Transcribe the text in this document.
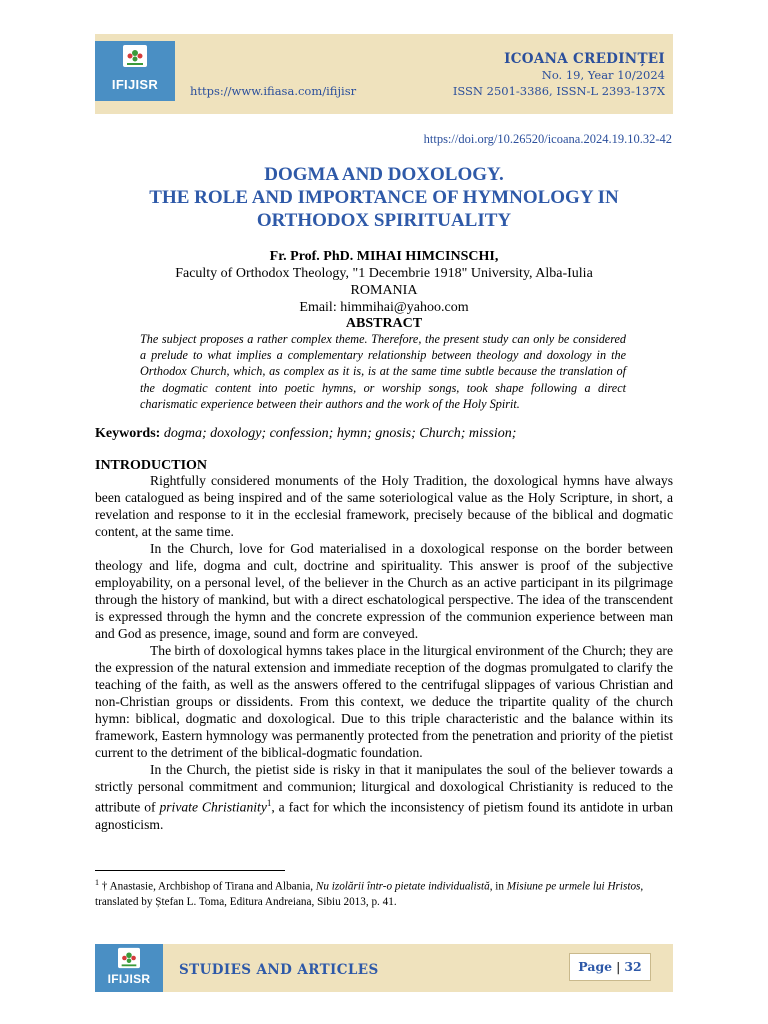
IFIJISR	https://www.ifiasa.com/ifijisr
ICOANA CREDINȚEI
No. 19, Year 10/2024
ISSN 2501-3386, ISSN-L 2393-137X
https://doi.org/10.26520/icoana.2024.19.10.32-42
DOGMA AND DOXOLOGY.
THE ROLE AND IMPORTANCE OF HYMNOLOGY IN
ORTHODOX SPIRITUALITY
Fr. Prof. PhD. MIHAI HIMCINSCHI,
Faculty of Orthodox Theology, "1 Decembrie 1918" University, Alba-Iulia
ROMANIA
Email: himmihai@yahoo.com
ABSTRACT
The subject proposes a rather complex theme. Therefore, the present study can only be considered a prelude to what implies a complementary relationship between theology and doxology in the Orthodox Church, which, as complex as it is, is at the same time subtle because the translation of the dogmatic content into poetic hymns, or worship songs, took shape following a direct charismatic experience between their authors and the work of the Holy Spirit.
Keywords: dogma; doxology; confession; hymn; gnosis; Church; mission;
INTRODUCTION

Rightfully considered monuments of the Holy Tradition, the doxological hymns have always been catalogued as being inspired and of the same soteriological value as the Holy Scripture, in short, a revelation and response to it in the ecclesial framework, precisely because of the biblical and dogmatic content, at the same time.

In the Church, love for God materialised in a doxological response on the border between theology and life, dogma and cult, doctrine and spirituality. This answer is proof of the subjective employability, on a personal level, of the believer in the Church as an active participant in its pilgrimage through the history of mankind, but with a direct eschatological perspective. The idea of the transcendent is expressed through the hymn and the concrete expression of the communion experience between man and God as presence, image, sound and form are conveyed.

The birth of doxological hymns takes place in the liturgical environment of the Church; they are the expression of the natural extension and immediate reception of the dogmas promulgated to clarify the teaching of the faith, as well as the answers offered to the centrifugal slippages of various Christian and non-Christian groups or dissidents. From this context, we deduce the tripartite quality of the church hymn: biblical, dogmatic and doxological. Due to this triple characteristic and the balance within its framework, Eastern hymnology was permanently protected from the penetration and priority of the pietist current to the detriment of the biblical-dogmatic foundation.

In the Church, the pietist side is risky in that it manipulates the soul of the believer towards a strictly personal commitment and communion; liturgical and doxological Christianity is reduced to the attribute of private Christianity$^1$, a fact for which the inconsistency of pietism found its antidote in urban agnosticism.

$^1$ † Anastasie, Archbishop of Tirana and Albania, Nu izolării într-o pietate individualistă, in Misiune pe urmele lui Hristos, translated by Ștefan L. Toma, Editura Andreiana, Sibiu 2013, p. 41.
IFIJISR
STUDIES AND ARTICLES	Page | 32
